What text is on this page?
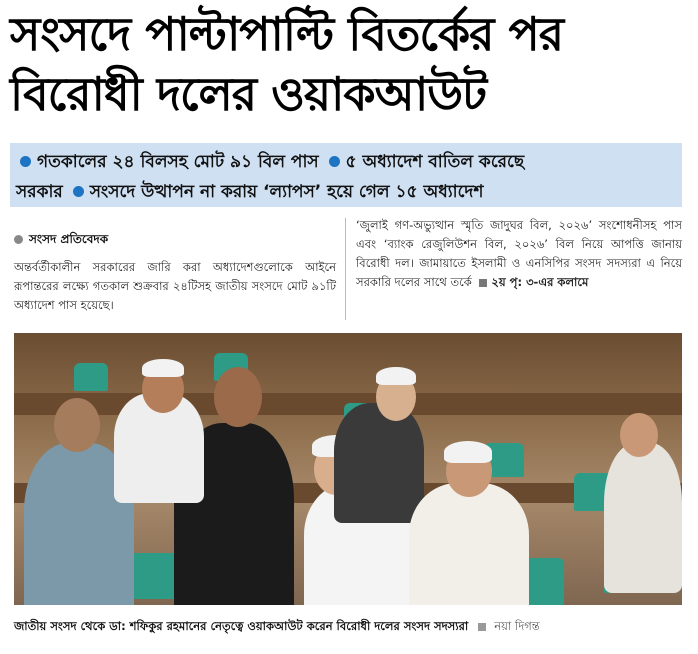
সংসদে পাল্টাপাল্টি বিতর্কের পর
বিরোধী দলের ওয়াকআউট
গতকালের ২৪ বিলসহ মোট ৯১ বিল পাস ৫ অধ্যাদেশ বাতিল করেছে
সরকার সংসদে উত্থাপন না করায় ‘ল্যাপস’ হয়ে গেল ১৫ অধ্যাদেশ
সংসদ প্রতিবেদক
অন্তর্বর্তীকালীন সরকারের জারি করা অধ্যাদেশগুলোকে আইনে রূপান্তরের লক্ষ্যে গতকাল শুক্রবার ২৪টিসহ জাতীয় সংসদে মোট ৯১টি অধ্যাদেশ পাস হয়েছে।
‘জুলাই গণ-অভ্যুত্থান স্মৃতি জাদুঘর বিল, ২০২৬’ সংশোধনীসহ পাস এবং ‘ব্যাংক রেজুলিউশন বিল, ২০২৬’ বিল নিয়ে আপত্তি জানায় বিরোধী দল। জামায়াতে ইসলামী ও এনসিপির সংসদ সদস্যরা এ নিয়ে সরকারি দলের সাথে তর্কে ২য় পৃ: ৩-এর কলামে
জাতীয় সংসদ থেকে ডা: শফিকুর রহমানের নেতৃত্বে ওয়াকআউট করেন বিরোধী দলের সংসদ সদস্যরা নয়া দিগন্ত
